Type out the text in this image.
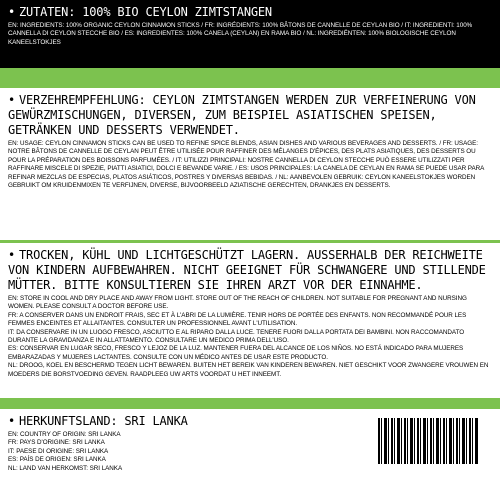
• ZUTATEN: 100% BIO CEYLON ZIMTSTANGEN
EN: INGREDIENTS: 100% ORGANIC CEYLON CINNAMON STICKS / FR: INGRÉDIENTS: 100% BÂTONS DE CANNELLE DE CEYLAN BIO / IT: INGREDIENTI: 100% CANNELLA DI CEYLON STECCHE BIO / ES: INGREDIENTES: 100% CANELA (CEYLAN) EN RAMA BIO / NL: INGREDIËNTEN: 100% BIOLOGISCHE CEYLON KANEELSTOKJES
• VERZEHREMPFEHLUNG: CEYLON ZIMTSTANGEN WERDEN ZUR VERFEINERUNG VON GEWÜRZMISCHUNGEN, DIVERSEN, ZUM BEISPIEL ASIATISCHEN SPEISEN, GETRÄNKEN UND DESSERTS VERWENDET.
EN: USAGE: CEYLON CINNAMON STICKS CAN BE USED TO REFINE SPICE BLENDS, ASIAN DISHES AND VARIOUS BEVERAGES AND DESSERTS. / FR: USAGE: NOTRE BÂTONS DE CANNELLE DE CEYLAN PEUT ÊTRE UTILISÉE POUR RAFFINER DES MÉLANGES D'ÉPICES, DES PLATS ASIATIQUES, DES DESSERTS OU POUR LA PRÉPARATION DES BOISSONS PARFUMÉES. / IT: UTILIZZI PRINCIPALI: NOSTRE CANNELLA DI CEYLON STECCHE PUÒ ESSERE UTILIZZATI PER RAFFINARE MISCELE DI SPEZIE, PIATTI ASIATICI, DOLCI E BEVANDE VARIE. / ES: USOS PRINCIPALES: LA CANELA DE CEYLAN EN RAMA SE PUEDE USAR PARA REFINAR MEZCLAS DE ESPECIAS, PLATOS ASIÁTICOS, POSTRES Y DIVERSAS BEBIDAS. / NL: AANBEVOLEN GEBRUIK: CEYLON KANEELSTOKJES WORDEN GEBRUIKT OM KRUIDENMIXEN TE VERFIJNEN, DIVERSE, BIJVOORBEELD AZIATISCHE GERECHTEN, DRANKJES EN DESSERTS.
• TROCKEN, KÜHL UND LICHTGESCHÜTZT LAGERN. AUSSERHALB DER REICHWEITE VON KINDERN AUFBEWAHREN. NICHT GEEIGNET FÜR SCHWANGERE UND STILLENDE MÜTTER. BITTE KONSULTIEREN SIE IHREN ARZT VOR DER EINNAHME.
EN: STORE IN COOL AND DRY PLACE AND AWAY FROM LIGHT. STORE OUT OF THE REACH OF CHILDREN. NOT SUITABLE FOR PREGNANT AND NURSING WOMEN. PLEASE CONSULT A DOCTOR BEFORE USE.
FR: A CONSERVER DANS UN ENDROIT FRAIS, SEC ET À L'ABRI DE LA LUMIÈRE. TENIR HORS DE PORTÉE DES ENFANTS. NON RECOMMANDÉ POUR LES FEMMES ENCEINTES ET ALLAITANTES. CONSULTER UN PROFESSIONNEL AVANT L'UTILISATION.
IT: DA CONSERVARE IN UN LUOGO FRESCO, ASCIUTTO E AL RIPARO DALLA LUCE. TENERE FUORI DALLA PORTATA DEI BAMBINI. NON RACCOMANDATO DURANTE LA GRAVIDANZA E IN ALLATTAMENTO. CONSULTARE UN MEDICO PRIMA DELL'USO.
ES: CONSERVAR EN LUGAR SECO, FRESCO Y LEJOZ DE LA LUZ. MANTENER FUERA DEL ALCANCE DE LOS NIÑOS. NO ESTÁ INDICADO PARA MUJERES EMBARAZADAS Y MUJERES LACTANTES. CONSULTE CON UN MÉDICO ANTES DE USAR ESTE PRODUCTO.
NL: DROOG, KOEL EN BESCHERMD TEGEN LICHT BEWAREN. BUITEN HET BEREIK VAN KINDEREN BEWAREN. NIET GESCHIKT VOOR ZWANGERE VROUWEN EN MOEDERS DIE BORSTVOEDING GEVEN. RAADPLEEG UW ARTS VOORDAT U HET INNEEMT.
• HERKUNFTSLAND: SRI LANKA
EN: COUNTRY OF ORIGIN: SRI LANKA
FR: PAYS D'ORIGINE: SRI LANKA
IT: PAESE DI ORIGINE: SRI LANKA
ES: PAÍS DE ORIGEN: SRI LANKA
NL: LAND VAN HERKOMST: SRI LANKA
